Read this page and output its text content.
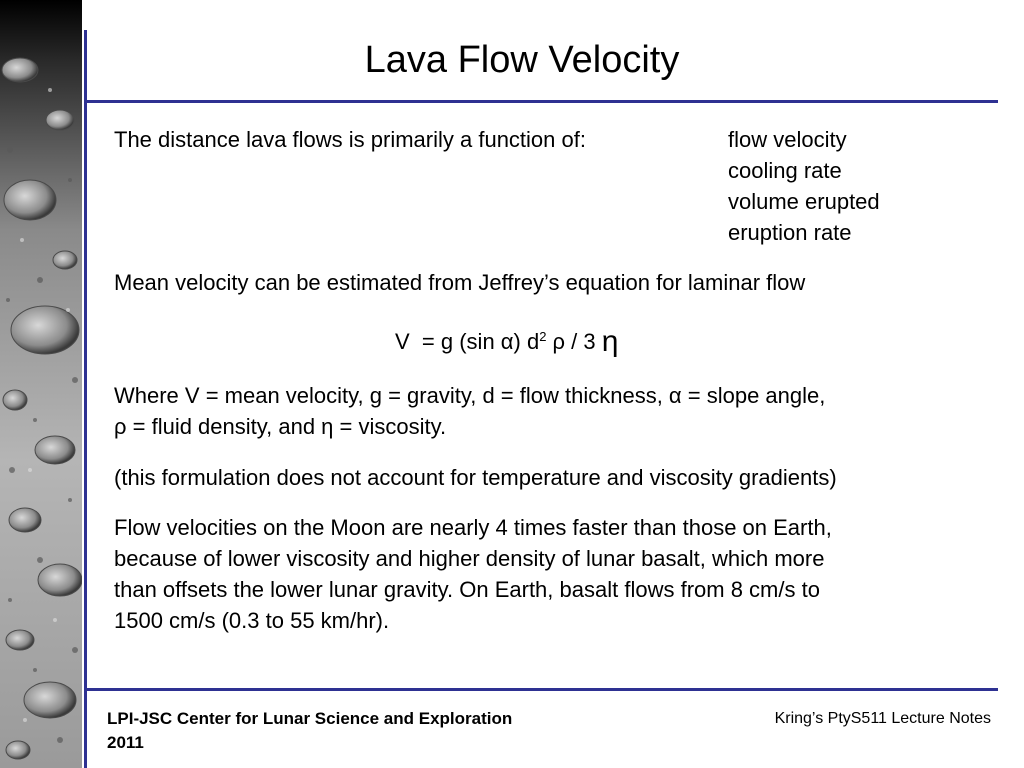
Lava Flow Velocity
The distance lava flows is primarily a function of:	flow velocity
cooling rate
volume erupted
eruption rate
Mean velocity can be estimated from Jeffrey’s equation for laminar flow
V = g (sin α) $d^2$ ρ / 3 η
Where V = mean velocity, g = gravity, d = flow thickness, α = slope angle,
ρ = fluid density, and η = viscosity.
(this formulation does not account for temperature and viscosity gradients)
Flow velocities on the Moon are nearly 4 times faster than those on Earth,
because of lower viscosity and higher density of lunar basalt, which more
than offsets the lower lunar gravity. On Earth, basalt flows from 8 cm/s to
1500 cm/s (0.3 to 55 km/hr).
LPI-JSC Center for Lunar Science and Exploration
2011
Kring’s PtyS511 Lecture Notes
